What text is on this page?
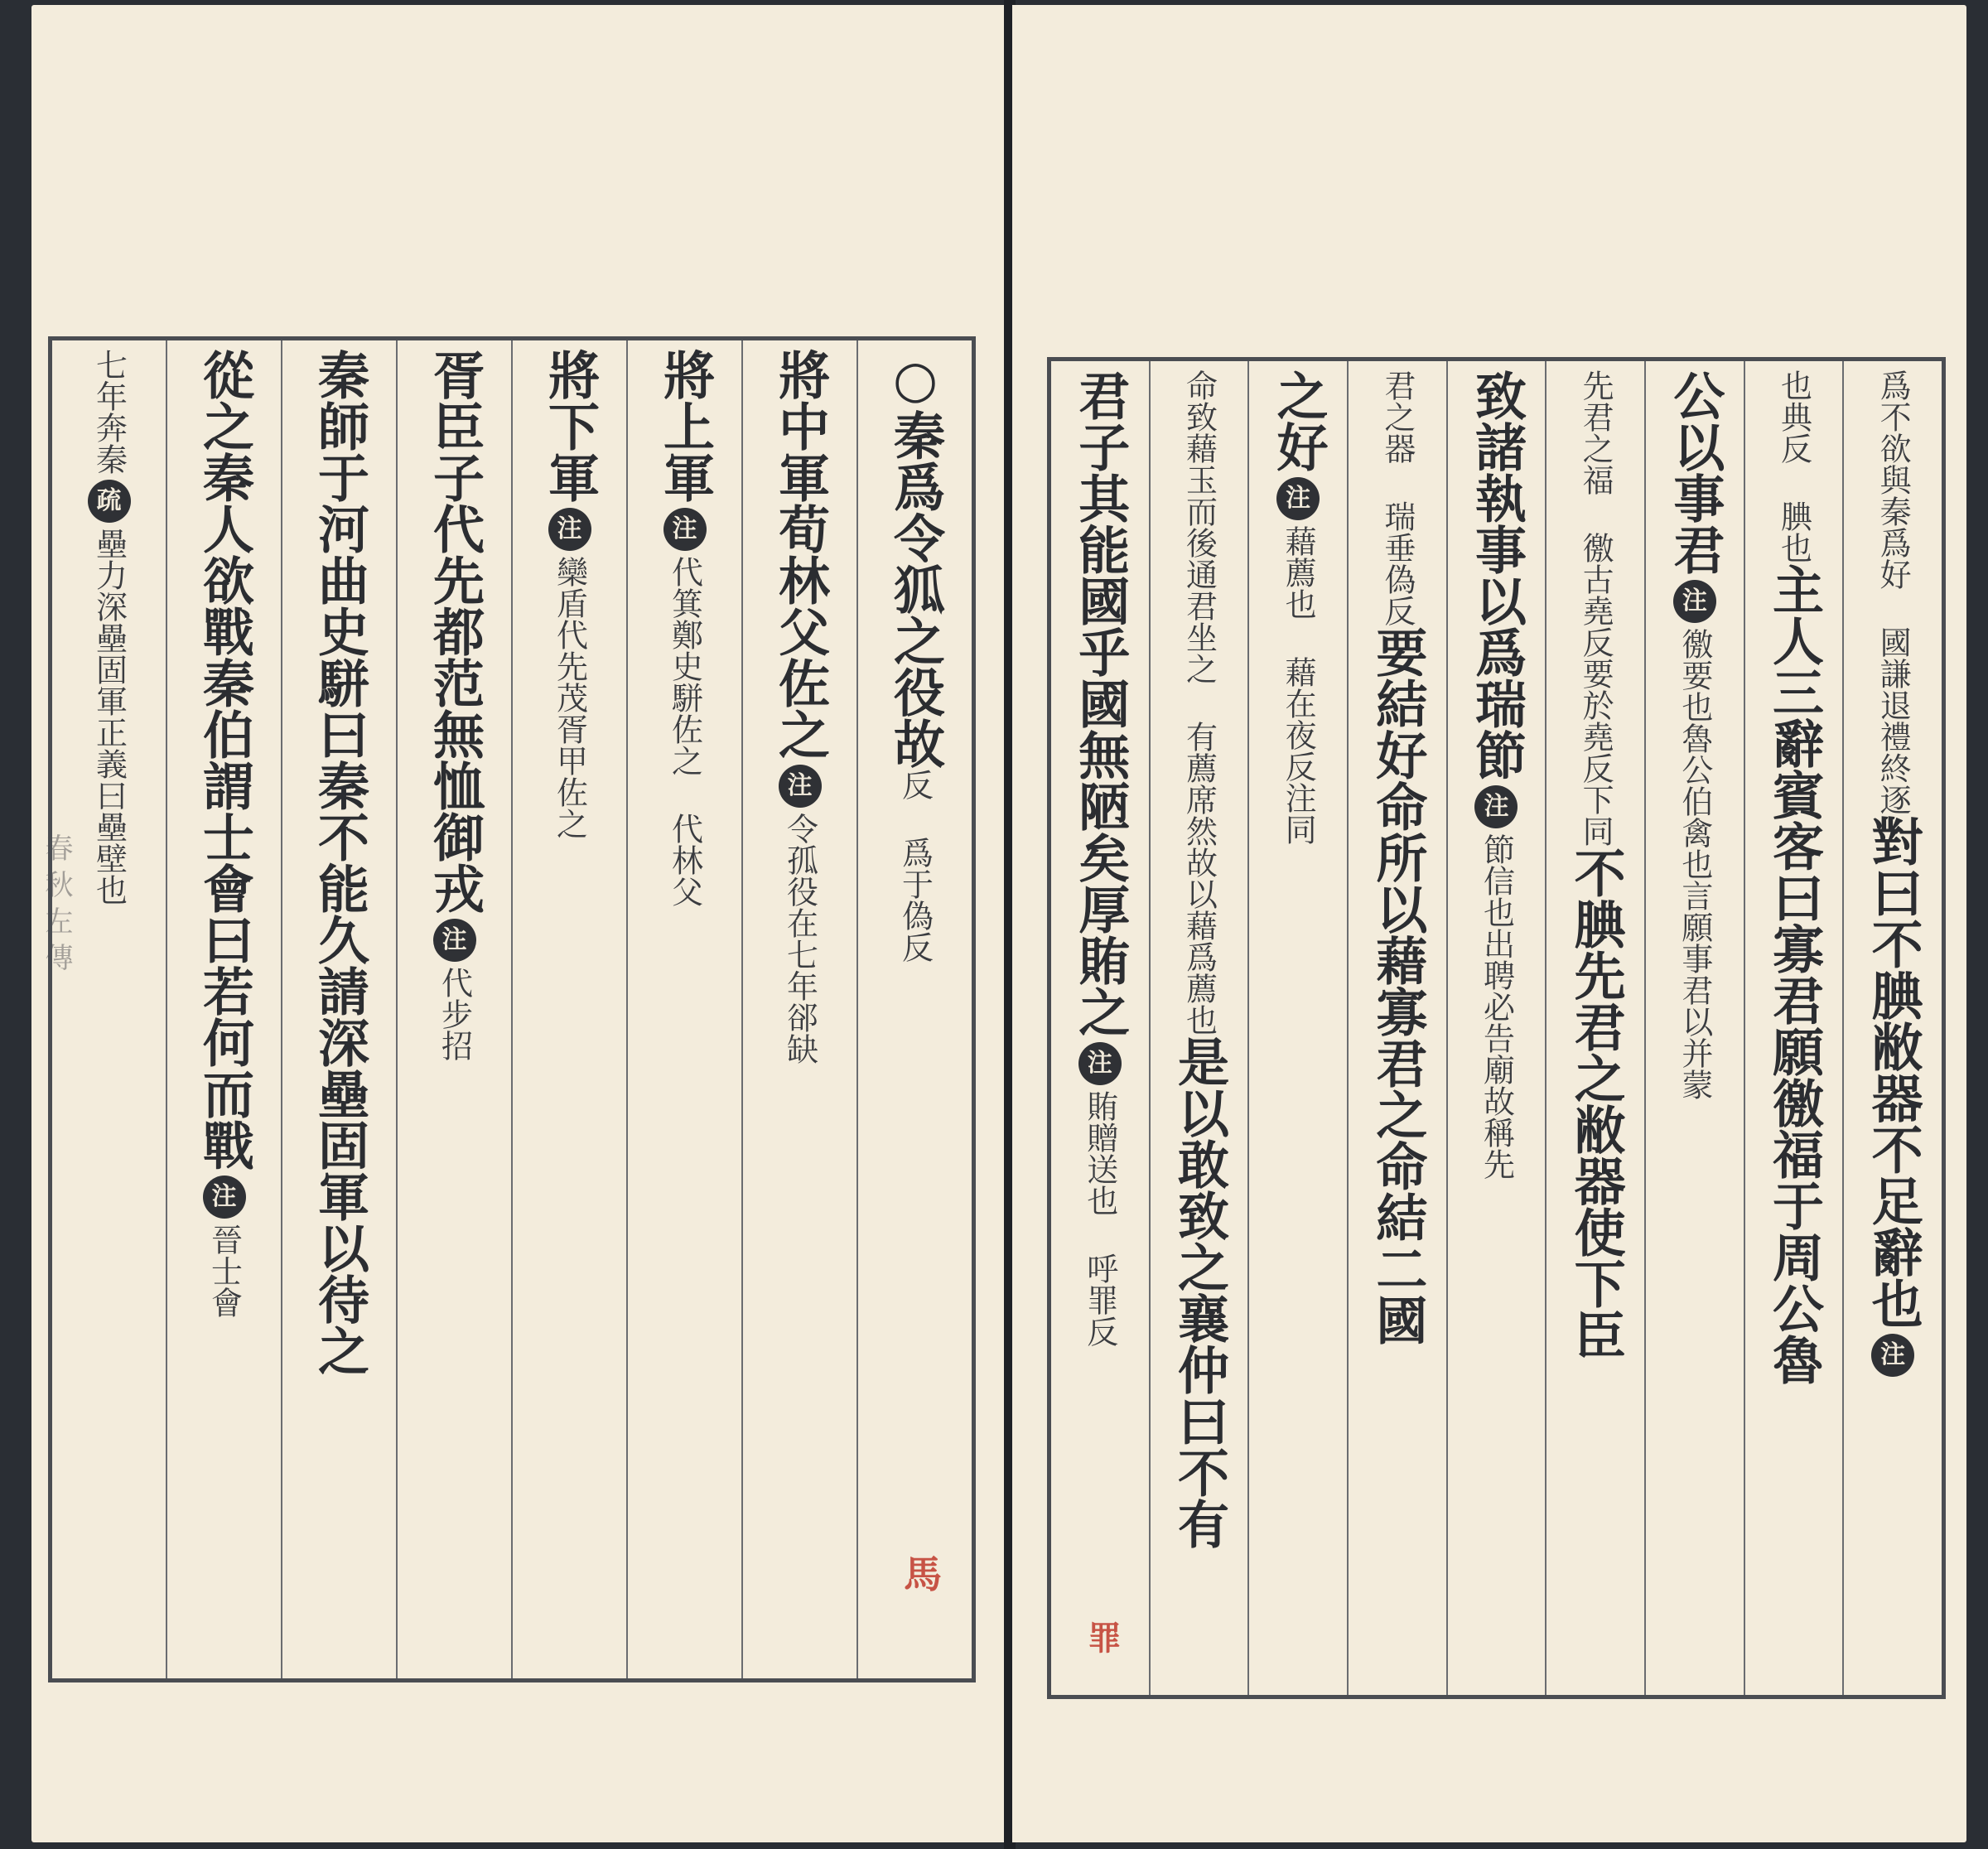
春秋左傳
○秦爲令狐之役故
反 爲于偽反
將中軍荀林父佐之
注
令孤役在七年郤缺
將上軍
注
代箕鄭史駢佐之 代林父
將下軍
注
欒盾代先茂胥甲佐之
胥臣子代先都范無恤御戎
注
代步招
秦師于河曲史駢曰秦不能久請深壘固軍以待之
從之秦人欲戰秦伯謂士會曰若何而戰
注
晉士會
七年奔秦
疏
壘力深壘固軍正義曰壘壁也
馬
爲不欲與秦爲好 國謙退禮終逐
對曰不腆敝器不足辭也
注
也典反 腆也
主人三辭賓客曰寡君願徼福于周公魯
公以事君
注
徼要也魯公伯禽也言願事君以并蒙
先君之福 徼古堯反要於堯反下同
不腆先君之敝器使下臣
致諸執事以爲瑞節
注
節信也出聘必告廟故稱先
君之器 瑞垂偽反
要結好命所以藉寡君之命結二國
之好
注
藉薦也 藉在夜反注同
命致藉玉而後通君坐之 有薦席然故以藉爲薦也
是以敢致之襄仲曰不有
君子其能國乎國無陋矣厚賄之
注
賄贈送也 呼罪反
罪
